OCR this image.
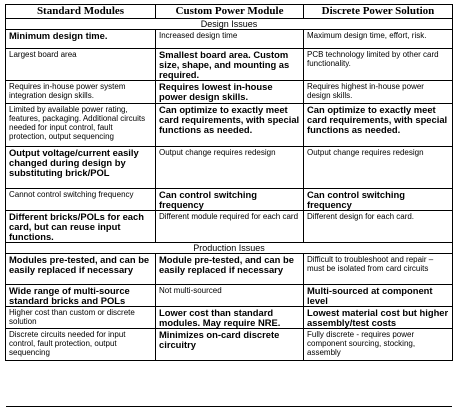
Standard Modules	Custom Power Module	Discrete Power Solution
Design Issues		
Minimum design time.	Increased design time	Maximum design time, effort, risk.
Largest board area	Smallest board area. Custom size, shape, and mounting as required.	PCB technology limited by other card functionality.
Requires in-house power system integration design skills.	Requires lowest in-house power design skills.	Requires highest in-house power design skills.
Limited by available power rating, features, packaging. Additional circuits needed for input control, fault protection, output sequencing	Can optimize to exactly meet card requirements, with special functions as needed.	Can optimize to exactly meet card requirements, with special functions as needed.
Output voltage/current easily changed during design by substituting brick/POL	Output change requires redesign	Output change requires redesign
Cannot control switching frequency	Can control switching frequency	Can control switching frequency
Different bricks/POLs for each card, but can reuse input functions.	Different module required for each card	Different design for each card.
Production Issues		
Modules pre-tested, and can be easily replaced if necessary	Module pre-tested, and can be easily replaced if necessary	Difficult to troubleshoot and repair – must be isolated from card circuits
Wide range of multi-source standard bricks and POLs	Not multi-sourced	Multi-sourced at component level
Higher cost than custom or discrete solution	Lower cost than standard modules. May require NRE.	Lowest material cost but higher assembly/test costs
Discrete circuits needed for input control, fault protection, output sequencing	Minimizes on-card discrete circuitry	Fully discrete - requires power component sourcing, stocking, assembly
